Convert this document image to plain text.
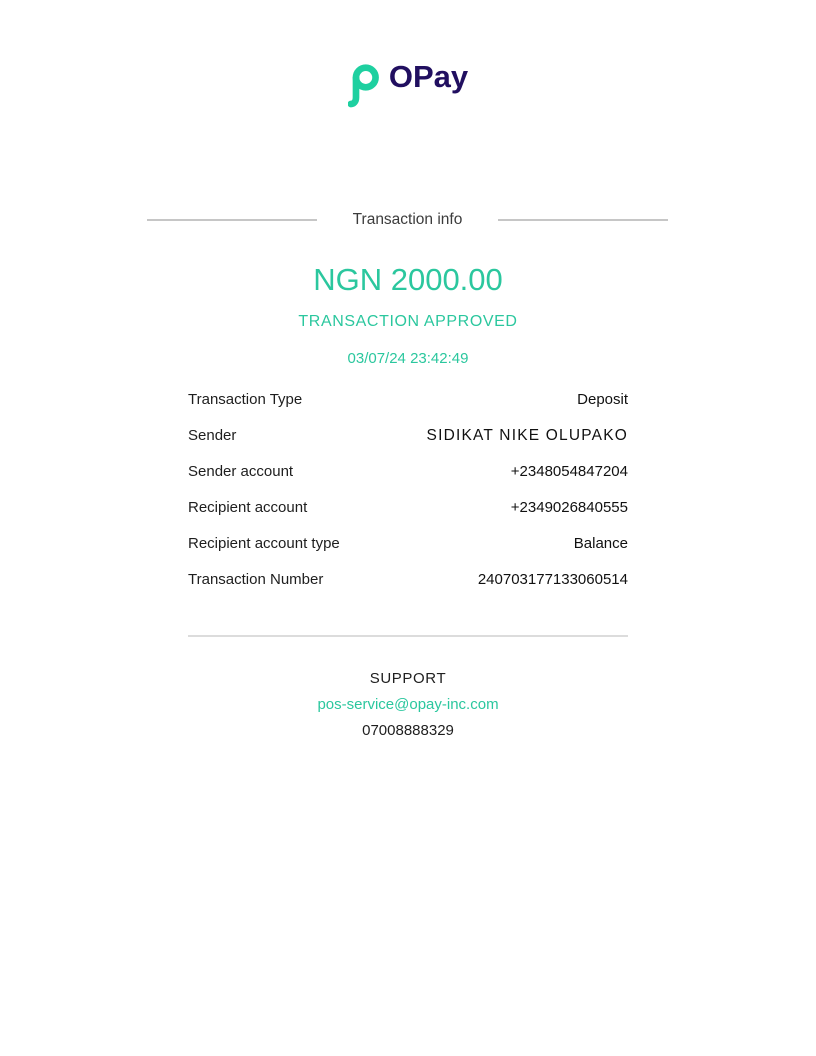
OPay
Transaction info
NGN 2000.00
TRANSACTION APPROVED
03/07/24 23:42:49
Transaction Type	Deposit
Sender	SIDIKAT NIKE OLUPAKO
Sender account	+2348054847204
Recipient account	+2349026840555
Recipient account type	Balance
Transaction Number	240703177133060514
SUPPORT
pos-service@opay-inc.com
07008888329
